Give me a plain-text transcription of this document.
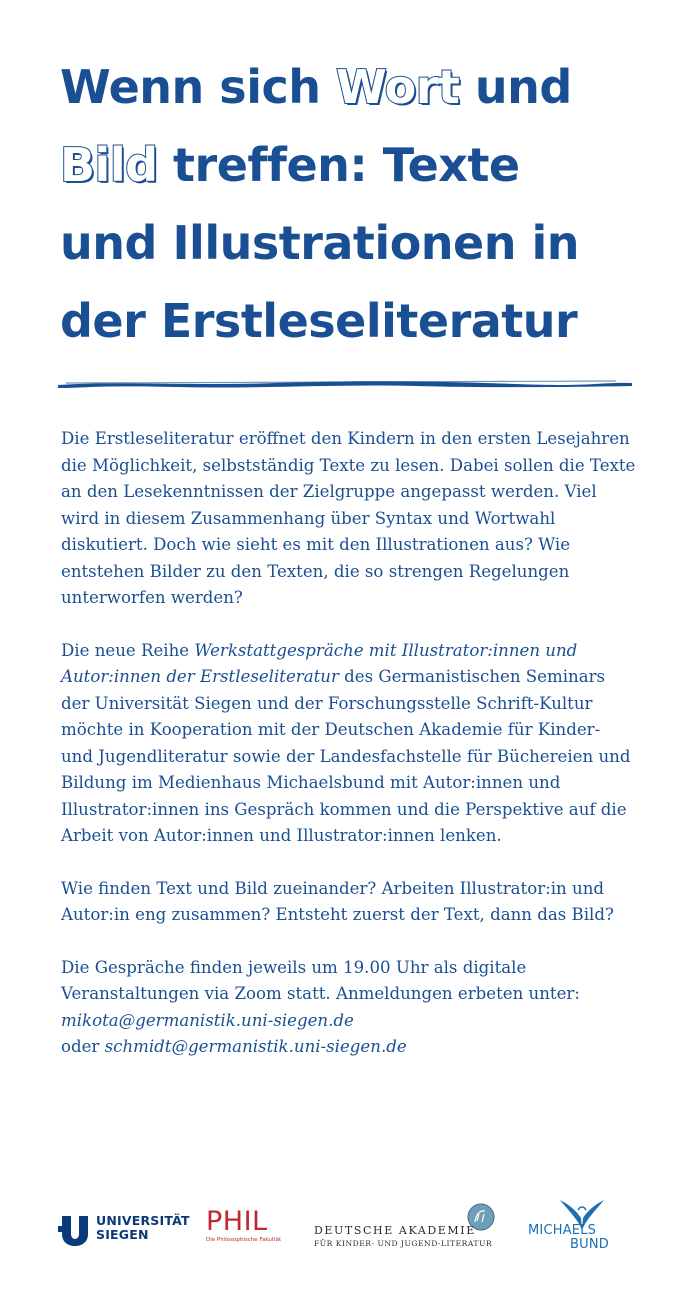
Wenn sich Wort und
Bild treffen: Texte
und Illustrationen in
der Erstleseliteratur

Die Erstleseliteratur eröffnet den Kindern in den ersten Lesejahren die Möglichkeit, selbstständig Texte zu lesen. Dabei sollen die Texte an den Lesekenntnissen der Zielgruppe angepasst werden. Viel wird in diesem Zusammenhang über Syntax und Wortwahl diskutiert. Doch wie sieht es mit den Illustrationen aus? Wie entstehen Bilder zu den Texten, die so strengen Regelungen unterworfen werden?

Die neue Reihe Werkstattgespräche mit Illustrator:innen und Autor:innen der Erstleseliteratur des Germanistischen Seminars der Universität Siegen und der Forschungsstelle Schrift-Kultur möchte in Kooperation mit der Deutschen Akademie für Kinder- und Jugendliteratur sowie der Landesfachstelle für Büchereien und Bildung im Medienhaus Michaelsbund mit Autor:innen und Illustrator:innen ins Gespräch kommen und die Perspektive auf die Arbeit von Autor:innen und Illustrator:innen lenken.

Wie finden Text und Bild zueinander? Arbeiten Illustrator:in und Autor:in eng zusammen? Entsteht zuerst der Text, dann das Bild?

Die Gespräche finden jeweils um 19.00 Uhr als digitale Veranstaltungen via Zoom statt. Anmeldungen erbeten unter:
mikota@germanistik.uni-siegen.de
oder schmidt@germanistik.uni-siegen.de

UNIVERSITÄT
SIEGEN	PHIL
Die Philosophische Fakultät
DEUTSCHE AKADEMIE
FÜR KINDER- UND JUGEND-LITERATUR
MICHAELS
BUND
